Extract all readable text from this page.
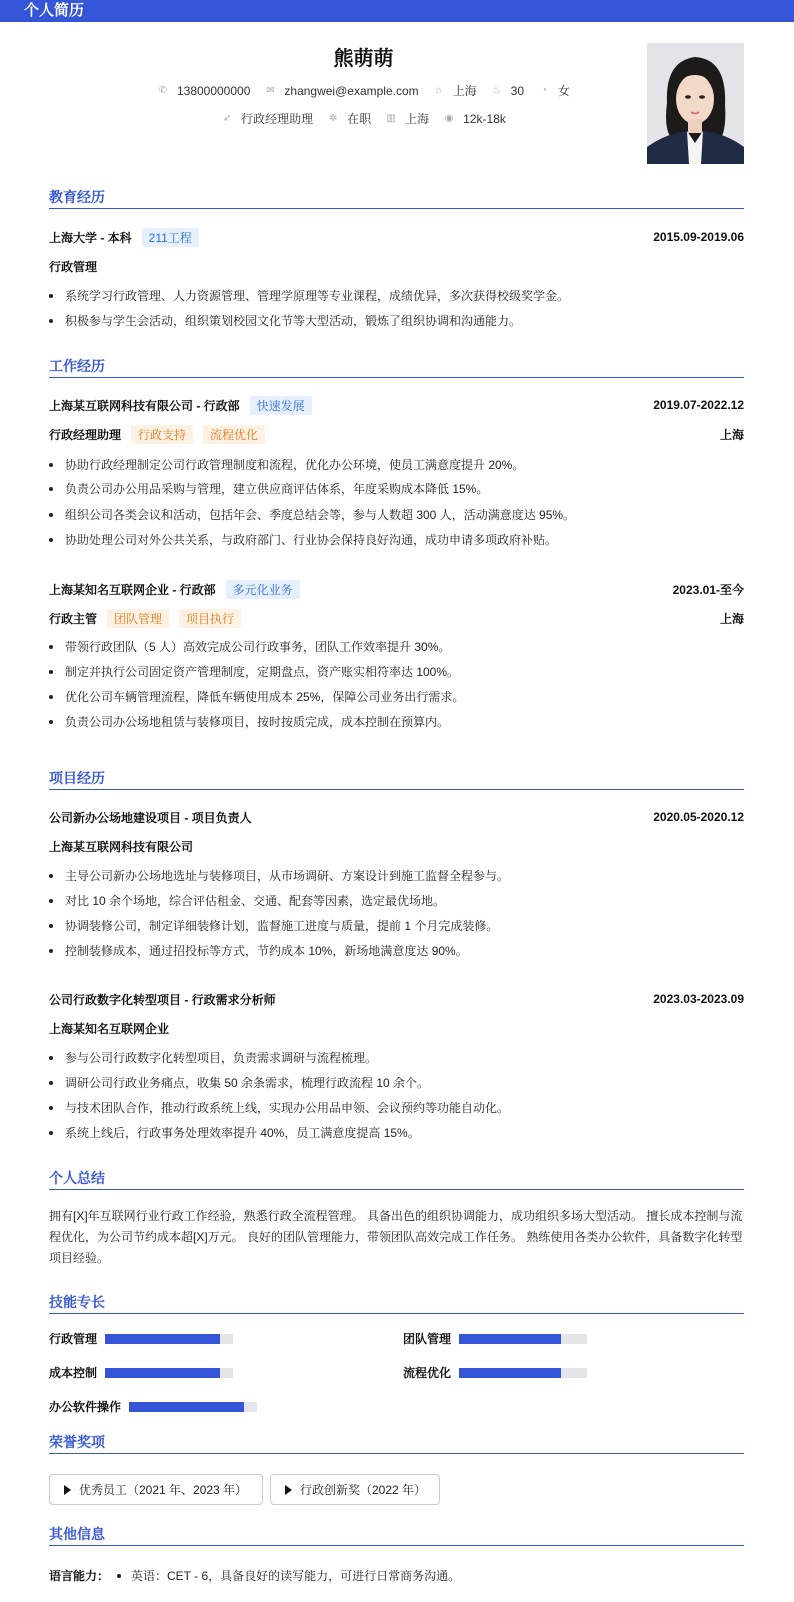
个人简历
熊萌萌
✆ 13800000000 ✉ zhangwei@example.com ⌂ 上海 ♨ 30 ◔ 女
➶ 行政经理助理 ✲ 在职 ▥ 上海 ◉ 12k-18k
教育经历
上海大学 - 本科	211工程	2015.09-2019.06
行政管理
系统学习行政管理、人力资源管理、管理学原理等专业课程，成绩优异，多次获得校级奖学金。
积极参与学生会活动，组织策划校园文化节等大型活动，锻炼了组织协调和沟通能力。
工作经历
上海某互联网科技有限公司 - 行政部	快速发展	2019.07-2022.12
行政经理助理	行政支持	流程优化	上海
协助行政经理制定公司行政管理制度和流程，优化办公环境，使员工满意度提升 20%。
负责公司办公用品采购与管理，建立供应商评估体系，年度采购成本降低 15%。
组织公司各类会议和活动，包括年会、季度总结会等，参与人数超 300 人，活动满意度达 95%。
协助处理公司对外公共关系，与政府部门、行业协会保持良好沟通，成功申请多项政府补贴。
上海某知名互联网企业 - 行政部	多元化业务	2023.01-至今
行政主管	团队管理	项目执行	上海
带领行政团队（5 人）高效完成公司行政事务，团队工作效率提升 30%。
制定并执行公司固定资产管理制度，定期盘点，资产账实相符率达 100%。
优化公司车辆管理流程，降低车辆使用成本 25%，保障公司业务出行需求。
负责公司办公场地租赁与装修项目，按时按质完成，成本控制在预算内。
项目经历
公司新办公场地建设项目 - 项目负责人	2020.05-2020.12
上海某互联网科技有限公司
主导公司新办公场地选址与装修项目，从市场调研、方案设计到施工监督全程参与。
对比 10 余个场地，综合评估租金、交通、配套等因素，选定最优场地。
协调装修公司，制定详细装修计划，监督施工进度与质量，提前 1 个月完成装修。
控制装修成本，通过招投标等方式，节约成本 10%，新场地满意度达 90%。
公司行政数字化转型项目 - 行政需求分析师	2023.03-2023.09
上海某知名互联网企业
参与公司行政数字化转型项目，负责需求调研与流程梳理。
调研公司行政业务痛点，收集 50 余条需求，梳理行政流程 10 余个。
与技术团队合作，推动行政系统上线，实现办公用品申领、会议预约等功能自动化。
系统上线后，行政事务处理效率提升 40%，员工满意度提高 15%。
个人总结
拥有[X]年互联网行业行政工作经验，熟悉行政全流程管理。 具备出色的组织协调能力，成功组织多场大型活动。 擅长成本控制与流程优化，为公司节约成本超[X]万元。 良好的团队管理能力，带领团队高效完成工作任务。 熟练使用各类办公软件，具备数字化转型项目经验。
技能专长
行政管理	团队管理
成本控制	流程优化
办公软件操作
荣誉奖项
优秀员工（2021 年、2023 年）	行政创新奖（2022 年）
其他信息
语言能力： 英语：CET - 6，具备良好的读写能力，可进行日常商务沟通。
